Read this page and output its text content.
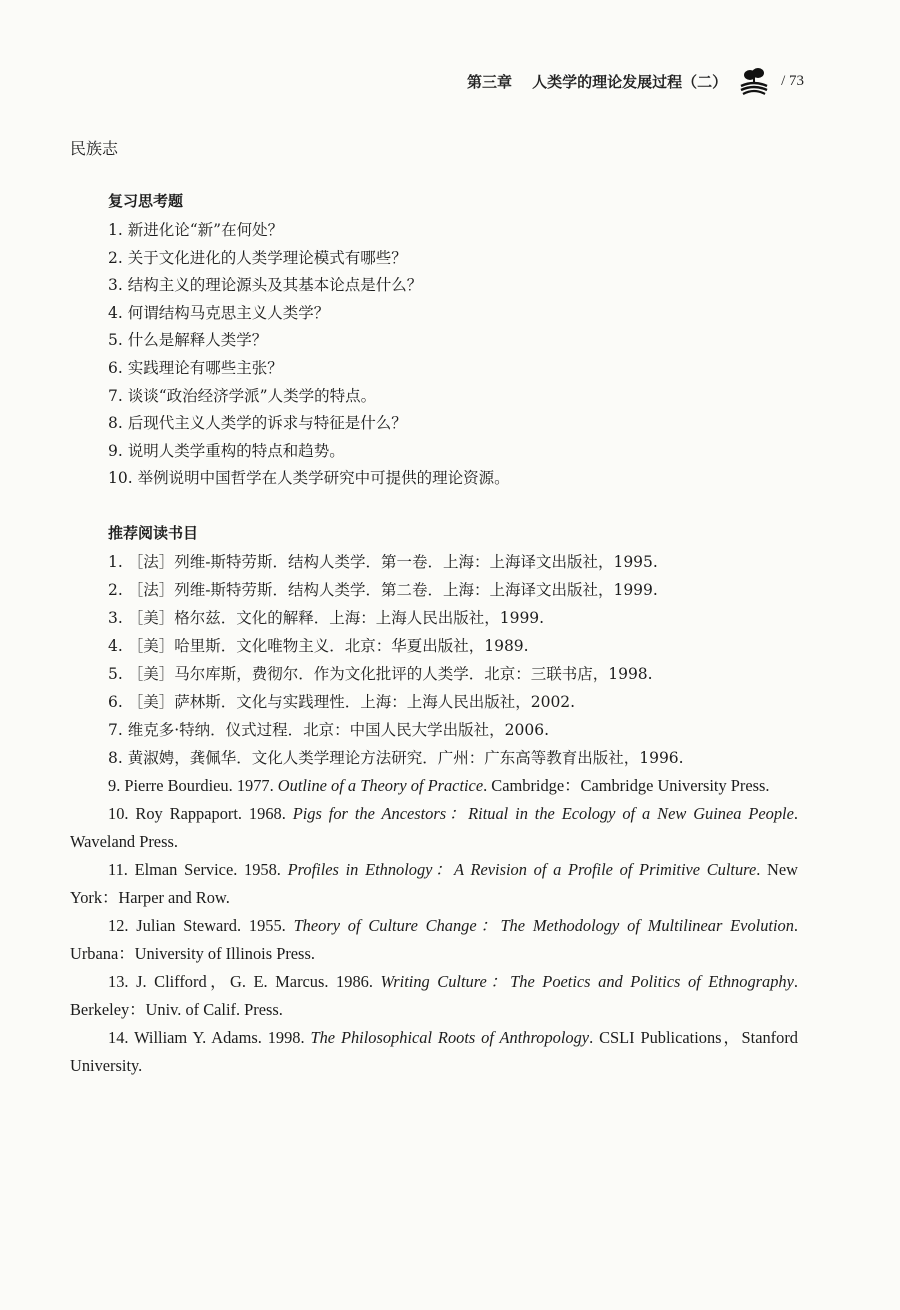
第三章 人类学的理论发展过程（二）	/ 73
民族志
复习思考题
1. 新进化论“新”在何处？
2. 关于文化进化的人类学理论模式有哪些？
3. 结构主义的理论源头及其基本论点是什么？
4. 何谓结构马克思主义人类学？
5. 什么是解释人类学？
6. 实践理论有哪些主张？
7. 谈谈“政治经济学派”人类学的特点。
8. 后现代主义人类学的诉求与特征是什么？
9. 说明人类学重构的特点和趋势。
10. 举例说明中国哲学在人类学研究中可提供的理论资源。
推荐阅读书目
1. ［法］列维-斯特劳斯．结构人类学．第一卷．上海：上海译文出版社，1995.
2. ［法］列维-斯特劳斯．结构人类学．第二卷．上海：上海译文出版社，1999.
3. ［美］格尔兹．文化的解释．上海：上海人民出版社，1999.
4. ［美］哈里斯．文化唯物主义．北京：华夏出版社，1989.
5. ［美］马尔库斯，费彻尔．作为文化批评的人类学．北京：三联书店，1998.
6. ［美］萨林斯．文化与实践理性．上海：上海人民出版社，2002.
7. 维克多·特纳．仪式过程．北京：中国人民大学出版社，2006.
8. 黄淑娉，龚佩华．文化人类学理论方法研究．广州：广东高等教育出版社，1996.
9. Pierre Bourdieu. 1977. Outline of a Theory of Practice. Cambridge：Cambridge University Press.
10. Roy Rappaport. 1968. Pigs for the Ancestors：Ritual in the Ecology of a New Guinea People. Waveland Press.
11. Elman Service. 1958. Profiles in Ethnology：A Revision of a Profile of Primitive Culture. New York：Harper and Row.
12. Julian Steward. 1955. Theory of Culture Change：The Methodology of Multilinear Evolution. Urbana：University of Illinois Press.
13. J. Clifford，G. E. Marcus. 1986. Writing Culture：The Poetics and Politics of Ethnography. Berkeley：Univ. of Calif. Press.
14. William Y. Adams. 1998. The Philosophical Roots of Anthropology. CSLI Publications，Stanford University.
